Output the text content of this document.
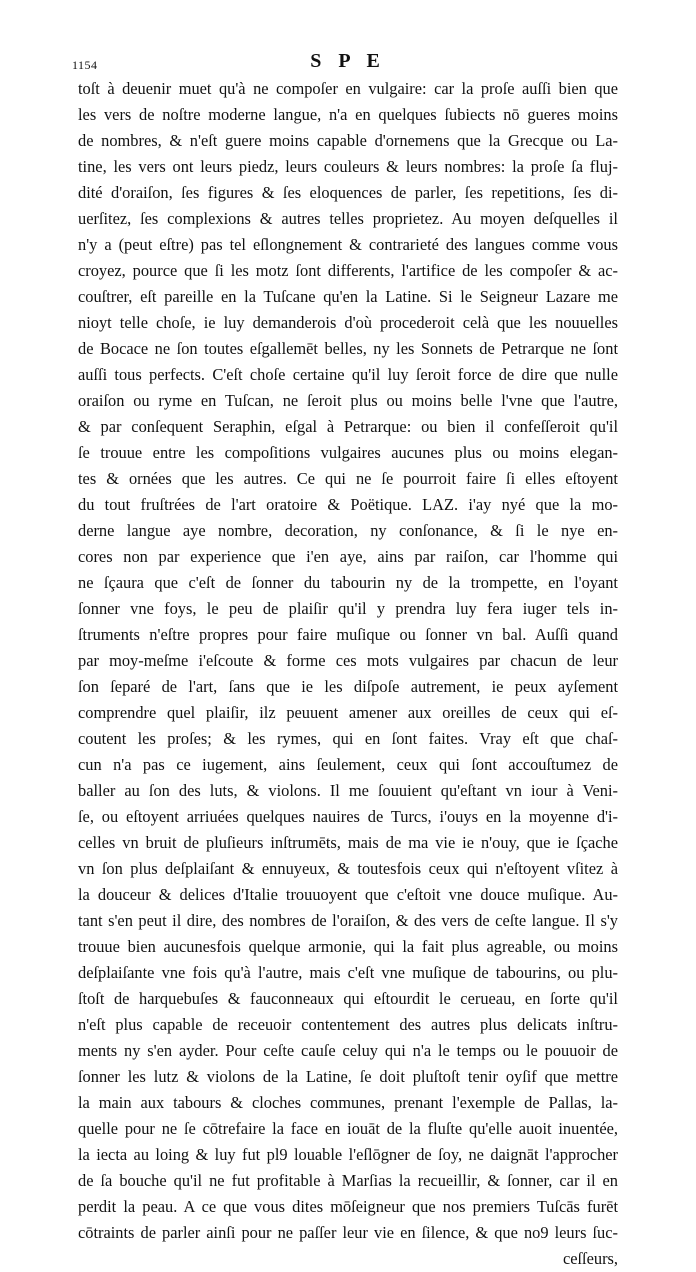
1154	S P E
toſt à deuenir muet qu'à ne compoſer en vulgaire: car la proſe auſſi bien que
les vers de noſtre moderne langue, n'a en quelques ſubiects nō gueres moins
de nombres, & n'eſt guere moins capable d'ornemens que la Grecque ou La-
tine, les vers ont leurs piedz, leurs couleurs & leurs nombres: la proſe ſa fluj-
dité d'oraiſon, ſes figures & ſes eloquences de parler, ſes repetitions, ſes di-
uerſitez, ſes complexions & autres telles proprietez. Au moyen deſquelles il
n'y a (peut eſtre) pas tel eſlongnement & contrarieté des langues comme vous
croyez, pource que ſi les motz ſont differents, l'artifice de les compoſer & ac-
couſtrer, eſt pareille en la Tuſcane qu'en la Latine. Si le Seigneur Lazare me
nioyt telle choſe, ie luy demanderois d'où procederoit celà que les nouuelles
de Bocace ne ſon toutes eſgallemēt belles, ny les Sonnets de Petrarque ne ſont
auſſi tous perfects. C'eſt choſe certaine qu'il luy ſeroit force de dire que nulle
oraiſon ou ryme en Tuſcan, ne ſeroit plus ou moins belle l'vne que l'autre,
& par conſequent Seraphin, eſgal à Petrarque: ou bien il confeſſeroit qu'il
ſe trouue entre les compoſitions vulgaires aucunes plus ou moins elegan-
tes & ornées que les autres. Ce qui ne ſe pourroit faire ſi elles eſtoyent
du tout fruſtrées de l'art oratoire & Poëtique. LAZ. i'ay nyé que la mo-
derne langue aye nombre, decoration, ny conſonance, & ſi le nye en-
cores non par experience que i'en aye, ains par raiſon, car l'homme qui
ne ſçaura que c'eſt de ſonner du tabourin ny de la trompette, en l'oyant
ſonner vne foys, le peu de plaiſir qu'il y prendra luy fera iuger tels in-
ſtruments n'eſtre propres pour faire muſique ou ſonner vn bal. Auſſi quand
par moy-meſme i'eſcoute & forme ces mots vulgaires par chacun de leur
ſon ſeparé de l'art, ſans que ie les diſpoſe autrement, ie peux ayſement
comprendre quel plaiſir, ilz peuuent amener aux oreilles de ceux qui eſ-
coutent les proſes; & les rymes, qui en ſont faites. Vray eſt que chaſ-
cun n'a pas ce iugement, ains ſeulement, ceux qui ſont accouſtumez de
baller au ſon des luts, & violons. Il me ſouuient qu'eſtant vn iour à Veni-
ſe, ou eſtoyent arriuées quelques nauires de Turcs, i'ouys en la moyenne d'i-
celles vn bruit de pluſieurs inſtrumēts, mais de ma vie ie n'ouy, que ie ſçache
vn ſon plus deſplaiſant & ennuyeux, & toutesfois ceux qui n'eſtoyent vſitez à
la douceur & delices d'Italie trouuoyent que c'eſtoit vne douce muſique. Au-
tant s'en peut il dire, des nombres de l'oraiſon, & des vers de ceſte langue. Il s'y
trouue bien aucunesfois quelque armonie, qui la fait plus agreable, ou moins
deſplaiſante vne fois qu'à l'autre, mais c'eſt vne muſique de tabourins, ou plu-
ſtoſt de harquebuſes & fauconneaux qui eſtourdit le cerueau, en ſorte qu'il
n'eſt plus capable de receuoir contentement des autres plus delicats inſtru-
ments ny s'en ayder. Pour ceſte cauſe celuy qui n'a le temps ou le pouuoir de
ſonner les lutz & violons de la Latine, ſe doit pluſtoſt tenir oyſif que mettre
la main aux tabours & cloches communes, prenant l'exemple de Pallas, la-
quelle pour ne ſe cōtrefaire la face en iouāt de la fluſte qu'elle auoit inuentée,
la iecta au loing & luy fut pl9 louable l'eſlōgner de ſoy, ne daignāt l'approcher
de ſa bouche qu'il ne fut profitable à Marſias la recueillir, & ſonner, car il en
perdit la peau. A ce que vous dites mōſeigneur que nos premiers Tuſcās furēt
cōtraints de parler ainſi pour ne paſſer leur vie en ſilence, & que no9 leurs ſuc-
ceſſeurs,
